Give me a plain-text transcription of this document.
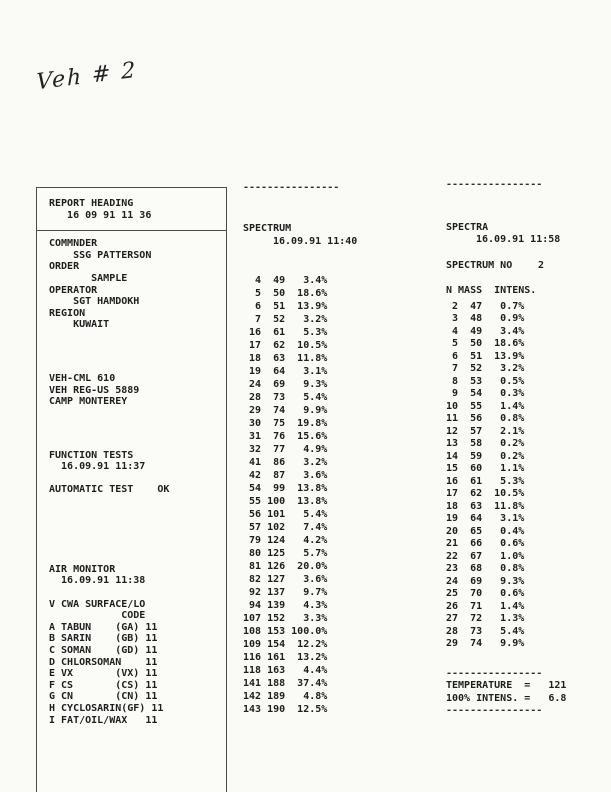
Veh # 2
REPORT HEADING
16 09 91 11 36
COMMNDER
SSG PATTERSON
ORDER
SAMPLE
OPERATOR
SGT HAMDOKH
REGION
KUWAIT
VEH-CML 610
VEH REG-US 5889
CAMP MONTEREY
FUNCTION TESTS
16.09.91 11:37
AUTOMATIC TEST    OK
AIR MONITOR
16.09.91 11:38
V CWA SURFACE/LO
CODE
A TABUN    (GA) 11
B SARIN    (GB) 11
C SOMAN    (GD) 11
D CHLORSOMAN    11
E VX       (VX) 11
F CS       (CS) 11
G CN       (CN) 11
H CYCLOSARIN(GF) 11
I FAT/OIL/WAX   11
----------------
SPECTRUM
16.09.91 11:40
4  49   3.4%
5  50  18.6%
6  51  13.9%
7  52   3.2%
16  61   5.3%
17  62  10.5%
18  63  11.8%
19  64   3.1%
24  69   9.3%
28  73   5.4%
29  74   9.9%
30  75  19.8%
31  76  15.6%
32  77   4.9%
41  86   3.2%
42  87   3.6%
54  99  13.8%
55 100  13.8%
56 101   5.4%
57 102   7.4%
79 124   4.2%
80 125   5.7%
81 126  20.0%
82 127   3.6%
92 137   9.7%
94 139   4.3%
107 152   3.3%
108 153 100.0%
109 154  12.2%
116 161  13.2%
118 163   4.4%
141 188  37.4%
142 189   4.8%
143 190  12.5%
----------------
SPECTRA
16.09.91 11:58
SPECTRUM NO	2
N MASS  INTENS.
2  47   0.7%
3  48   0.9%
4  49   3.4%
5  50  18.6%
6  51  13.9%
7  52   3.2%
8  53   0.5%
9  54   0.3%
10  55   1.4%
11  56   0.8%
12  57   2.1%
13  58   0.2%
14  59   0.2%
15  60   1.1%
16  61   5.3%
17  62  10.5%
18  63  11.8%
19  64   3.1%
20  65   0.4%
21  66   0.6%
22  67   1.0%
23  68   0.8%
24  69   9.3%
25  70   0.6%
26  71   1.4%
27  72   1.3%
28  73   5.4%
29  74   9.9%
----------------
TEMPERATURE  =   121
100% INTENS. =   6.8
----------------
